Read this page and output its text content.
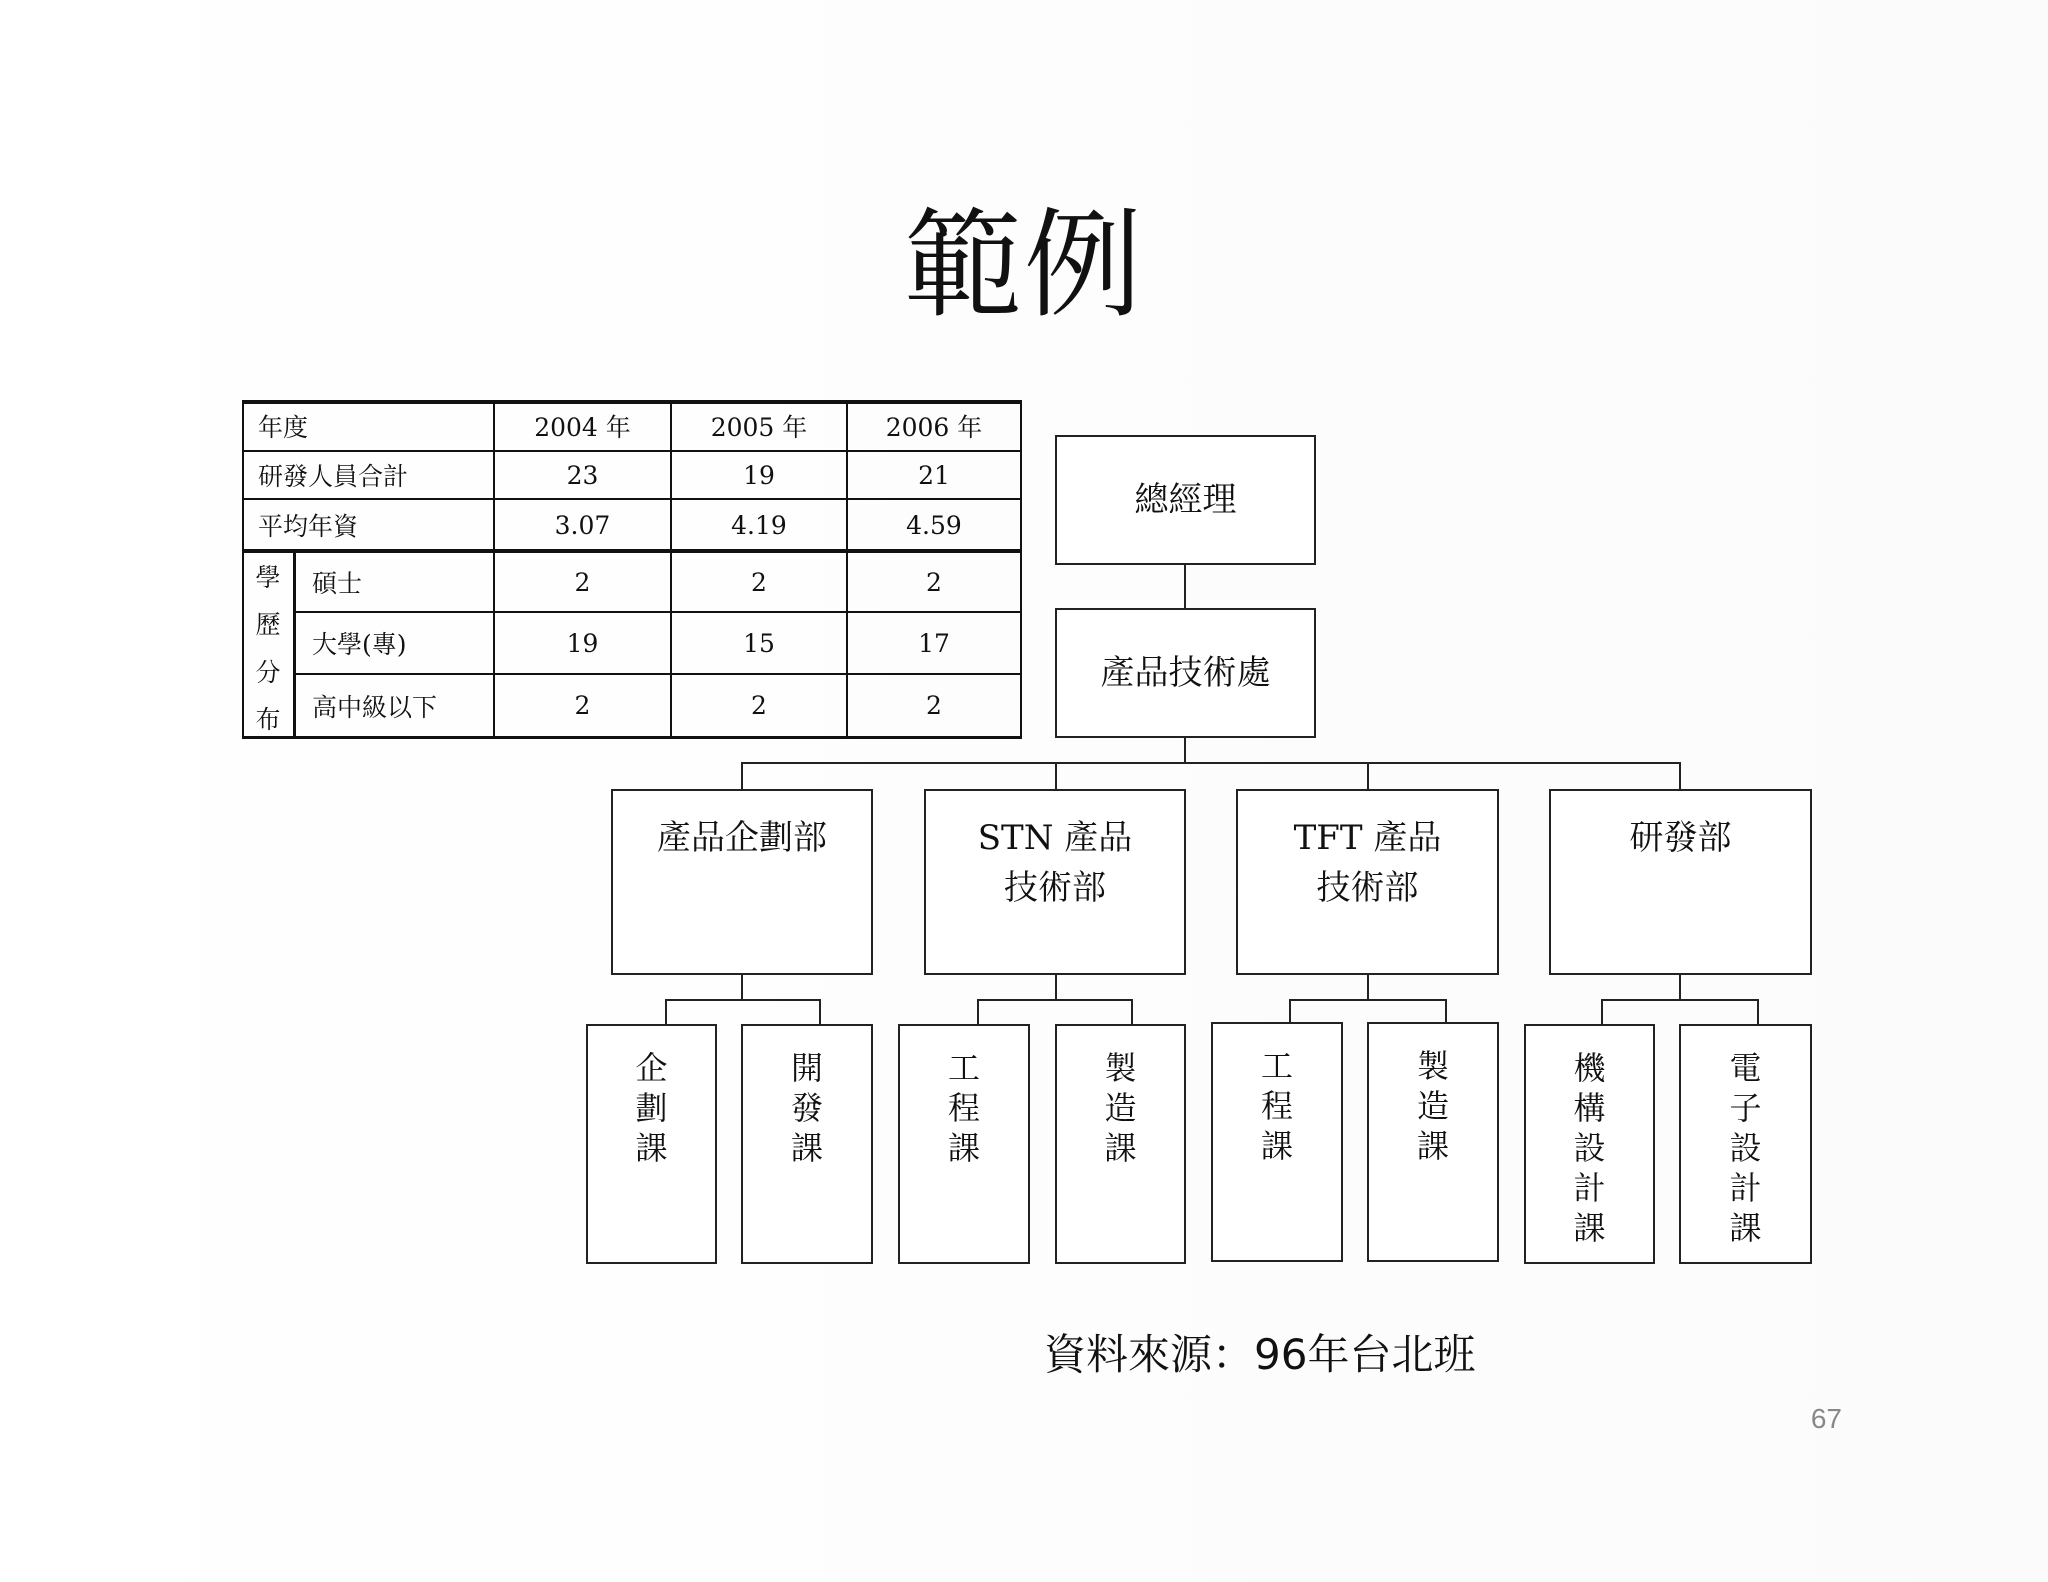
範例
年度	2004 年	2005 年	2006 年
研發人員合計	23	19	21
平均年資	3.07	4.19	4.59
學
歷
分
布
碩士	2	2	2
大學(專)	19	15	17
高中級以下	2	2	2
總經理
產品技術處
產品企劃部	STN 產品
技術部
TFT 產品
技術部
研發部
企
劃
課
開
發
課
工
程
課
製
造
課
工
程
課
製
造
課
機
構
設
計
課
電
子
設
計
課
資料來源：96年台北班
67
